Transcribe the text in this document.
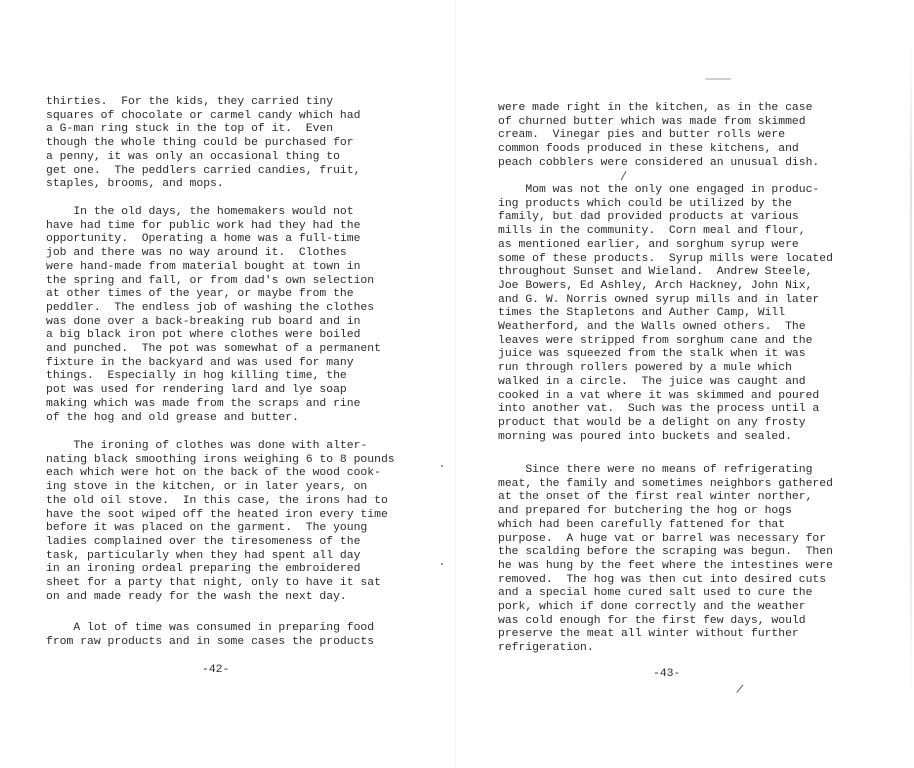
thirties.  For the kids, they carried tiny
squares of chocolate or carmel candy which had
a G-man ring stuck in the top of it.  Even
though the whole thing could be purchased for
a penny, it was only an occasional thing to
get one.  The peddlers carried candies, fruit,
staples, brooms, and mops.
In the old days, the homemakers would not
have had time for public work had they had the
opportunity.  Operating a home was a full-time
job and there was no way around it.  Clothes
were hand-made from material bought at town in
the spring and fall, or from dad's own selection
at other times of the year, or maybe from the
peddler.  The endless job of washing the clothes
was done over a back-breaking rub board and in
a big black iron pot where clothes were boiled
and punched.  The pot was somewhat of a permanent
fixture in the backyard and was used for many
things.  Especially in hog killing time, the
pot was used for rendering lard and lye soap
making which was made from the scraps and rine
of the hog and old grease and butter.
The ironing of clothes was done with alter-
nating black smoothing irons weighing 6 to 8 pounds
each which were hot on the back of the wood cook-
ing stove in the kitchen, or in later years, on
the old oil stove.  In this case, the irons had to
have the soot wiped off the heated iron every time
before it was placed on the garment.  The young
ladies complained over the tiresomeness of the
task, particularly when they had spent all day
in an ironing ordeal preparing the embroidered
sheet for a party that night, only to have it sat
on and made ready for the wash the next day.
A lot of time was consumed in preparing food
from raw products and in some cases the products
-42-
were made right in the kitchen, as in the case
of churned butter which was made from skimmed
cream.  Vinegar pies and butter rolls were
common foods produced in these kitchens, and
peach cobblers were considered an unusual dish.
Mom was not the only one engaged in produc-
ing products which could be utilized by the
family, but dad provided products at various
mills in the community.  Corn meal and flour,
as mentioned earlier, and sorghum syrup were
some of these products.  Syrup mills were located
throughout Sunset and Wieland.  Andrew Steele,
Joe Bowers, Ed Ashley, Arch Hackney, John Nix,
and G. W. Norris owned syrup mills and in later
times the Stapletons and Auther Camp, Will
Weatherford, and the Walls owned others.  The
leaves were stripped from sorghum cane and the
juice was squeezed from the stalk when it was
run through rollers powered by a mule which
walked in a circle.  The juice was caught and
cooked in a vat where it was skimmed and poured
into another vat.  Such was the process until a
product that would be a delight on any frosty
morning was poured into buckets and sealed.
Since there were no means of refrigerating
meat, the family and sometimes neighbors gathered
at the onset of the first real winter norther,
and prepared for butchering the hog or hogs
which had been carefully fattened for that
purpose.  A huge vat or barrel was necessary for
the scalding before the scraping was begun.  Then
he was hung by the feet where the intestines were
removed.  The hog was then cut into desired cuts
and a special home cured salt used to cure the
pork, which if done correctly and the weather
was cold enough for the first few days, would
preserve the meat all winter without further
refrigeration.
-43-
/
/
